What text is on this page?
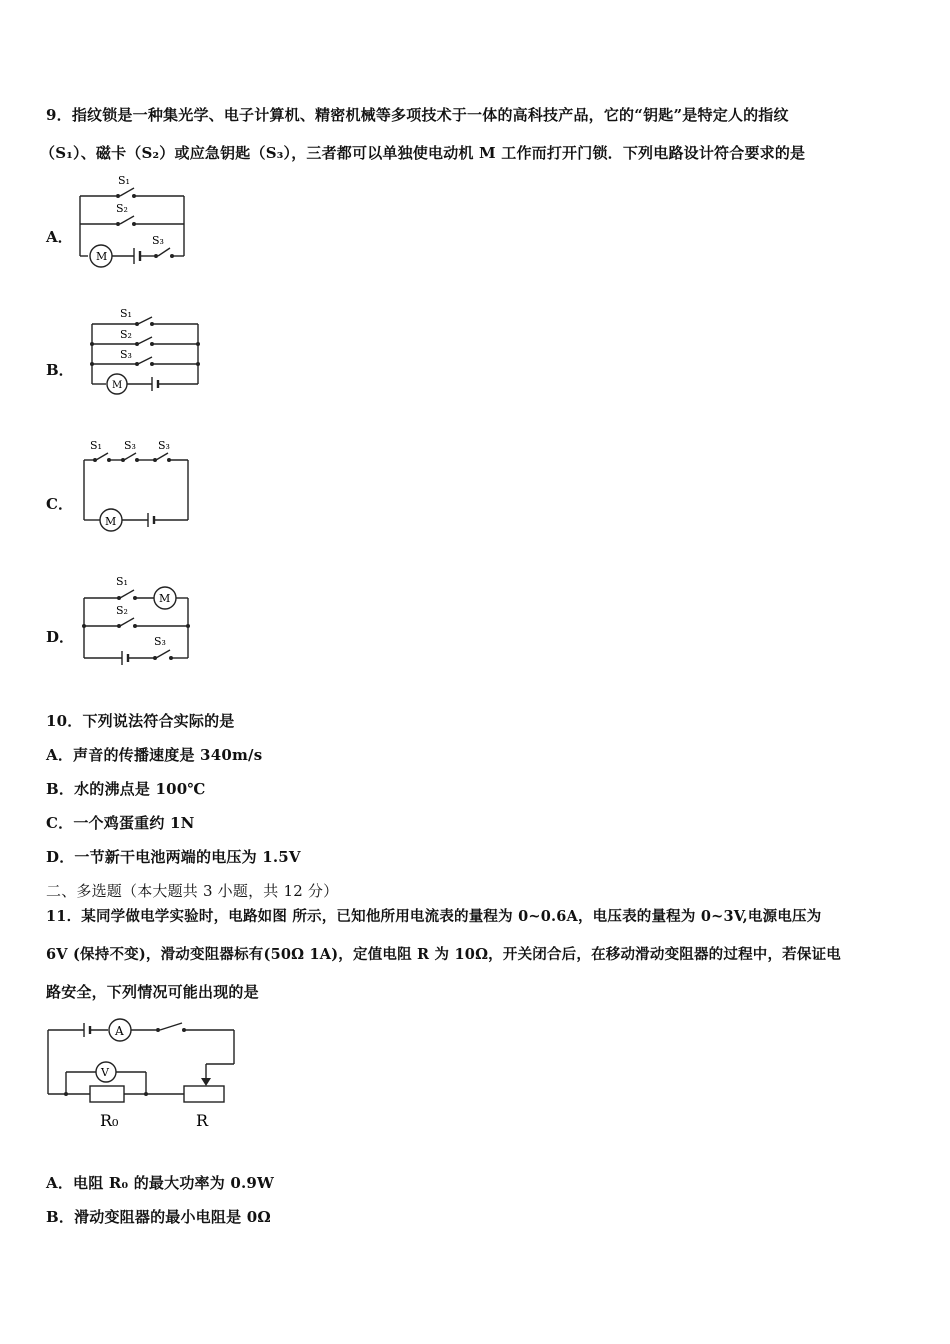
9．指纹锁是一种集光学、电子计算机、精密机械等多项技术于一体的高科技产品，它的“钥匙”是特定人的指纹
（S₁）、磁卡（S₂）或应急钥匙（S₃），三者都可以单独使电动机 M 工作而打开门锁．下列电路设计符合要求的是
A．
S₁
S₂
S₃
M
B．
S₁
S₂
S₃
M
C．
S₁ S₃ S₃
M
D．
S₁
S₂
S₃
M
10．下列说法符合实际的是
A．声音的传播速度是 340m/s
B．水的沸点是 100℃
C．一个鸡蛋重约 1N
D．一节新干电池两端的电压为 1.5V
二、多选题（本大题共 3 小题，共 12 分）
11．某同学做电学实验时，电路如图 所示，已知他所用电流表的量程为 0~0.6A，电压表的量程为 0~3V,电源电压为
6V (保持不变)，滑动变阻器标有(50Ω 1A)，定值电阻 R 为 10Ω，开关闭合后，在移动滑动变阻器的过程中，若保证电
路安全，下列情况可能出现的是
A
V
R₀	R
A．电阻 R₀ 的最大功率为 0.9W
B．滑动变阻器的最小电阻是 0Ω
